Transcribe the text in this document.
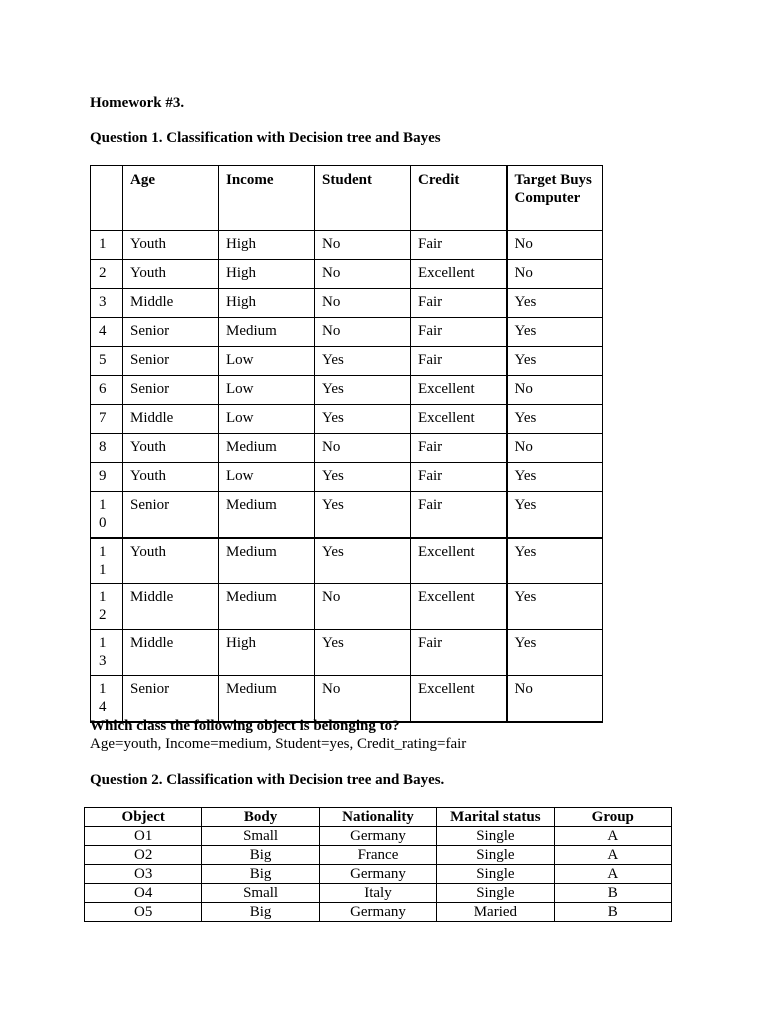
Homework #3.
Question 1. Classification with Decision tree and Bayes
	Age	Income	Student	Credit	Target Buys Computer

1	Youth	High	No	Fair	No

2	Youth	High	No	Excellent	No

3	Middle	High	No	Fair	Yes

4	Senior	Medium	No	Fair	Yes

5	Senior	Low	Yes	Fair	Yes

6	Senior	Low	Yes	Excellent	No

7	Middle	Low	Yes	Excellent	Yes

8	Youth	Medium	No	Fair	No

9	Youth	Low	Yes	Fair	Yes

10	Senior	Medium	Yes	Fair	Yes

11	Youth	Medium	Yes	Excellent	Yes

12	Middle	Medium	No	Excellent	Yes

13	Middle	High	Yes	Fair	Yes

14	Senior	Medium	No	Excellent	No
Which class the following object is belonging to?
Age=youth, Income=medium, Student=yes, Credit_rating=fair
Question 2. Classification with Decision tree and Bayes.
Object	Body	Nationality	Marital status	Group
O1	Small	Germany	Single	A
O2	Big	France	Single	A
O3	Big	Germany	Single	A
O4	Small	Italy	Single	B
O5	Big	Germany	Maried	B
